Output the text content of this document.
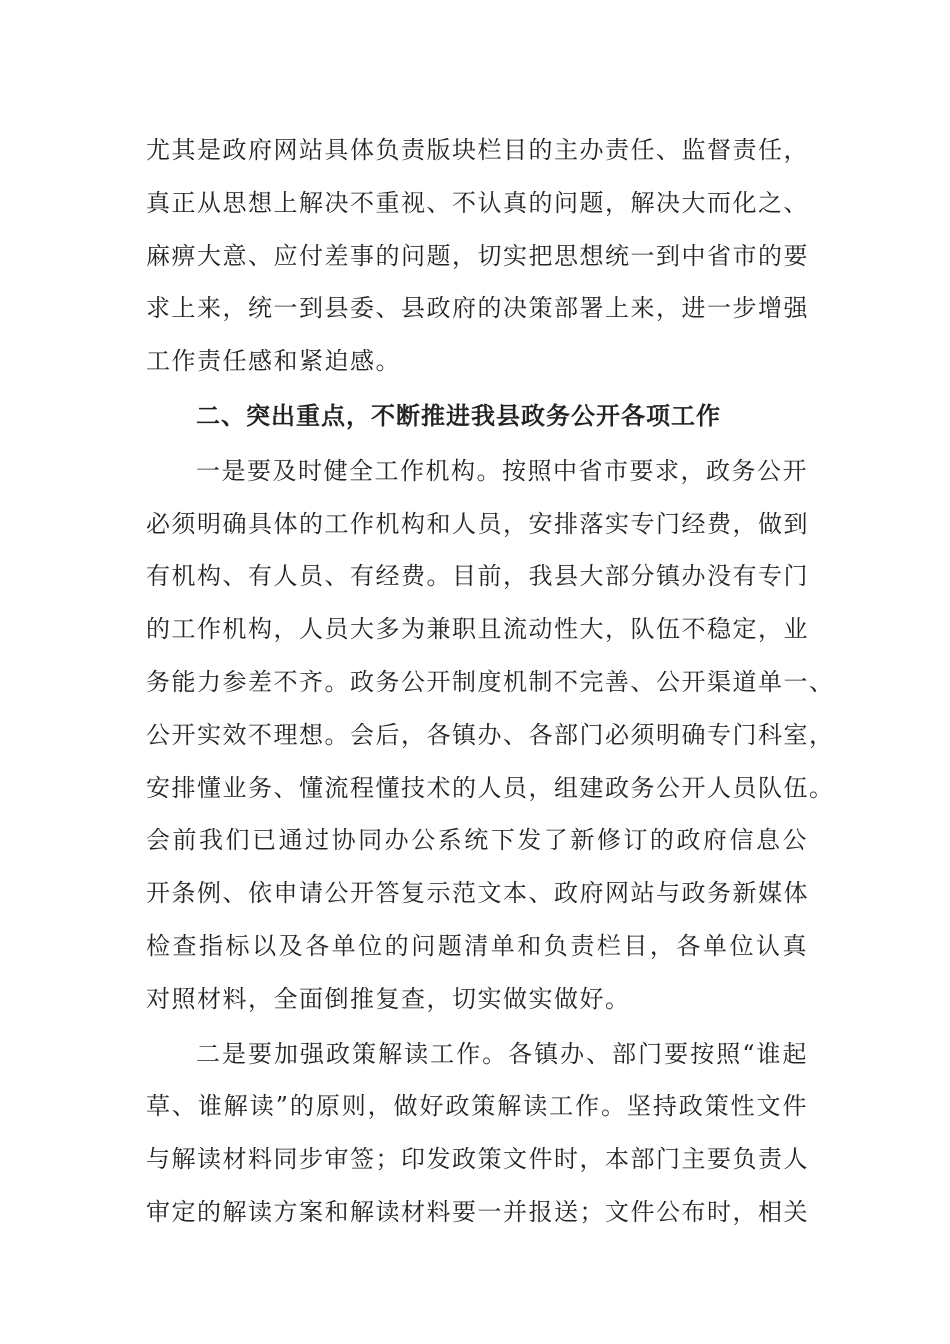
尤其是政府网站具体负责版块栏目的主办责任、监督责任，
真正从思想上解决不重视、不认真的问题，解决大而化之、
麻痹大意、应付差事的问题，切实把思想统一到中省市的要
求上来，统一到县委、县政府的决策部署上来，进一步增强
工作责任感和紧迫感。
二、突出重点，不断推进我县政务公开各项工作
一是要及时健全工作机构。按照中省市要求，政务公开
必须明确具体的工作机构和人员，安排落实专门经费，做到
有机构、有人员、有经费。目前，我县大部分镇办没有专门
的工作机构，人员大多为兼职且流动性大，队伍不稳定，业
务能力参差不齐。政务公开制度机制不完善、公开渠道单一、
公开实效不理想。会后，各镇办、各部门必须明确专门科室，
安排懂业务、懂流程懂技术的人员，组建政务公开人员队伍。
会前我们已通过协同办公系统下发了新修订的政府信息公
开条例、依申请公开答复示范文本、政府网站与政务新媒体
检查指标以及各单位的问题清单和负责栏目，各单位认真
对照材料，全面倒推复查，切实做实做好。
二是要加强政策解读工作。各镇办、部门要按照“谁起
草、谁解读”的原则，做好政策解读工作。坚持政策性文件
与解读材料同步审签；印发政策文件时，本部门主要负责人
审定的解读方案和解读材料要一并报送；文件公布时，相关
